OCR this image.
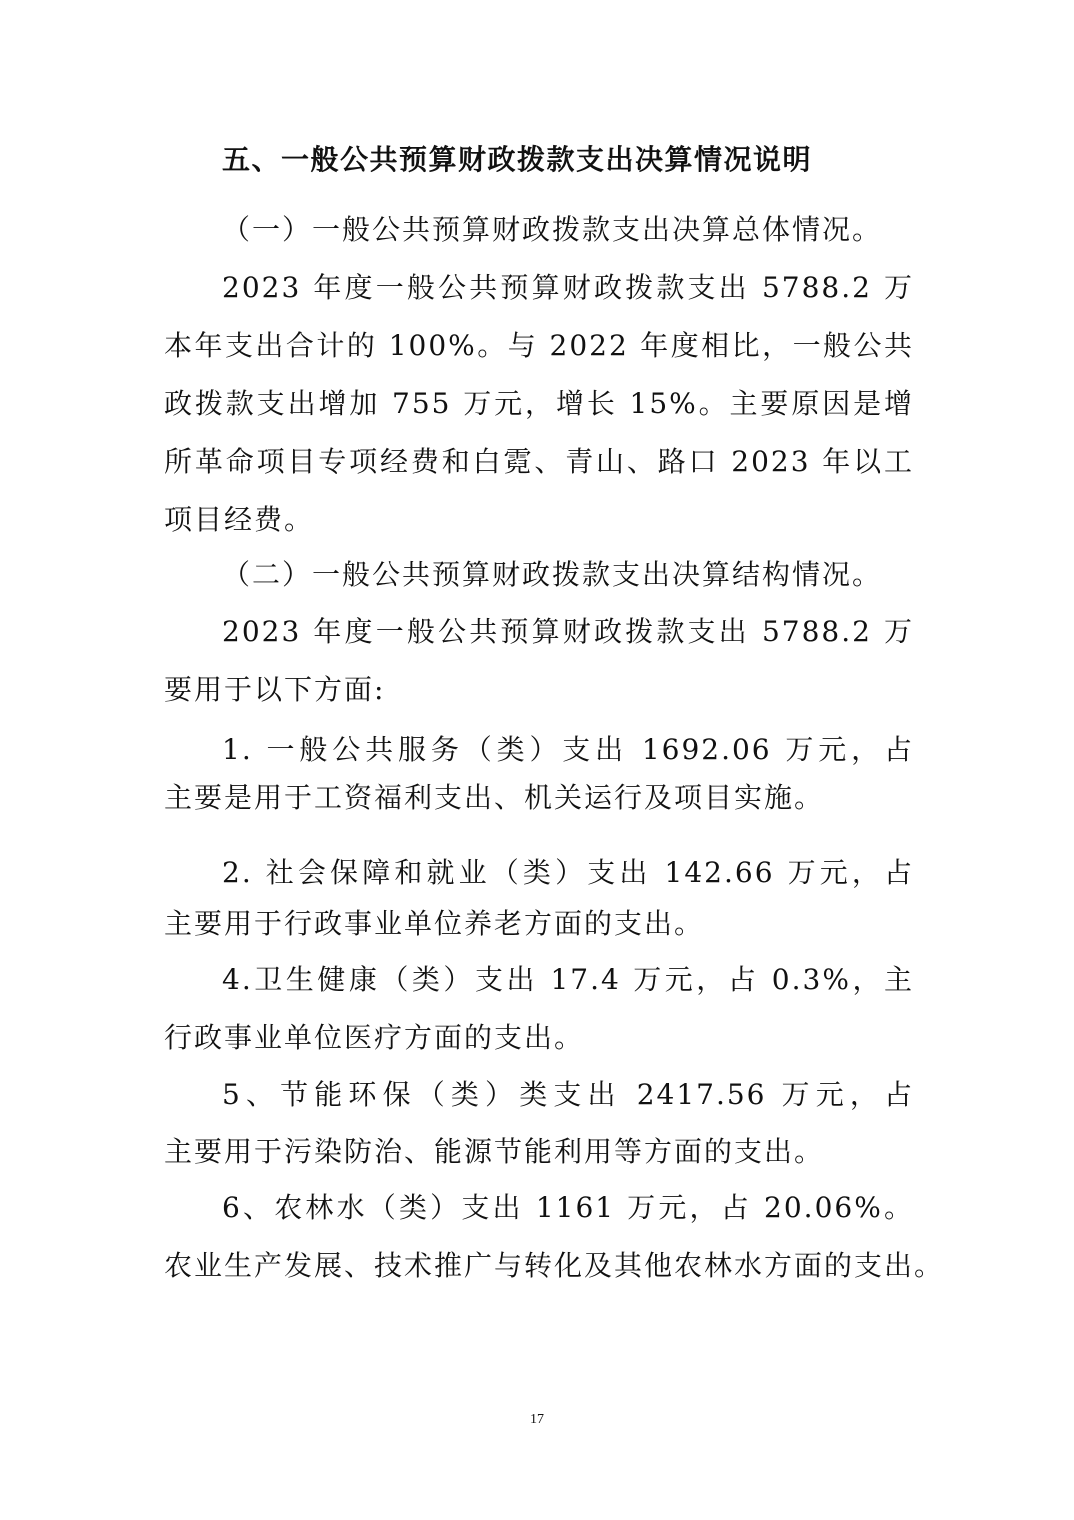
五、一般公共预算财政拨款支出决算情况说明

（一）一般公共预算财政拨款支出决算总体情况。

2023 年度一般公共预算财政拨款支出 5788.2 万

本年支出合计的 100%。与 2022 年度相比，一般公共

政拨款支出增加 755 万元，增长 15%。主要原因是增

所革命项目专项经费和白霓、青山、路口 2023 年以工

项目经费。

（二）一般公共预算财政拨款支出决算结构情况。

2023 年度一般公共预算财政拨款支出 5788.2 万

要用于以下方面:

1. 一般公共服务（类）支出 1692.06 万元，占

主要是用于工资福利支出、机关运行及项目实施。

2. 社会保障和就业（类）支出 142.66 万元，占

主要用于行政事业单位养老方面的支出。

4.卫生健康（类）支出 17.4 万元，占 0.3%，主

行政事业单位医疗方面的支出。

5、节能环保（类）类支出 2417.56 万元，占

主要用于污染防治、能源节能利用等方面的支出。

6、农林水（类）支出 1161 万元，占 20.06%。

农业生产发展、技术推广与转化及其他农林水方面的支出。

17
